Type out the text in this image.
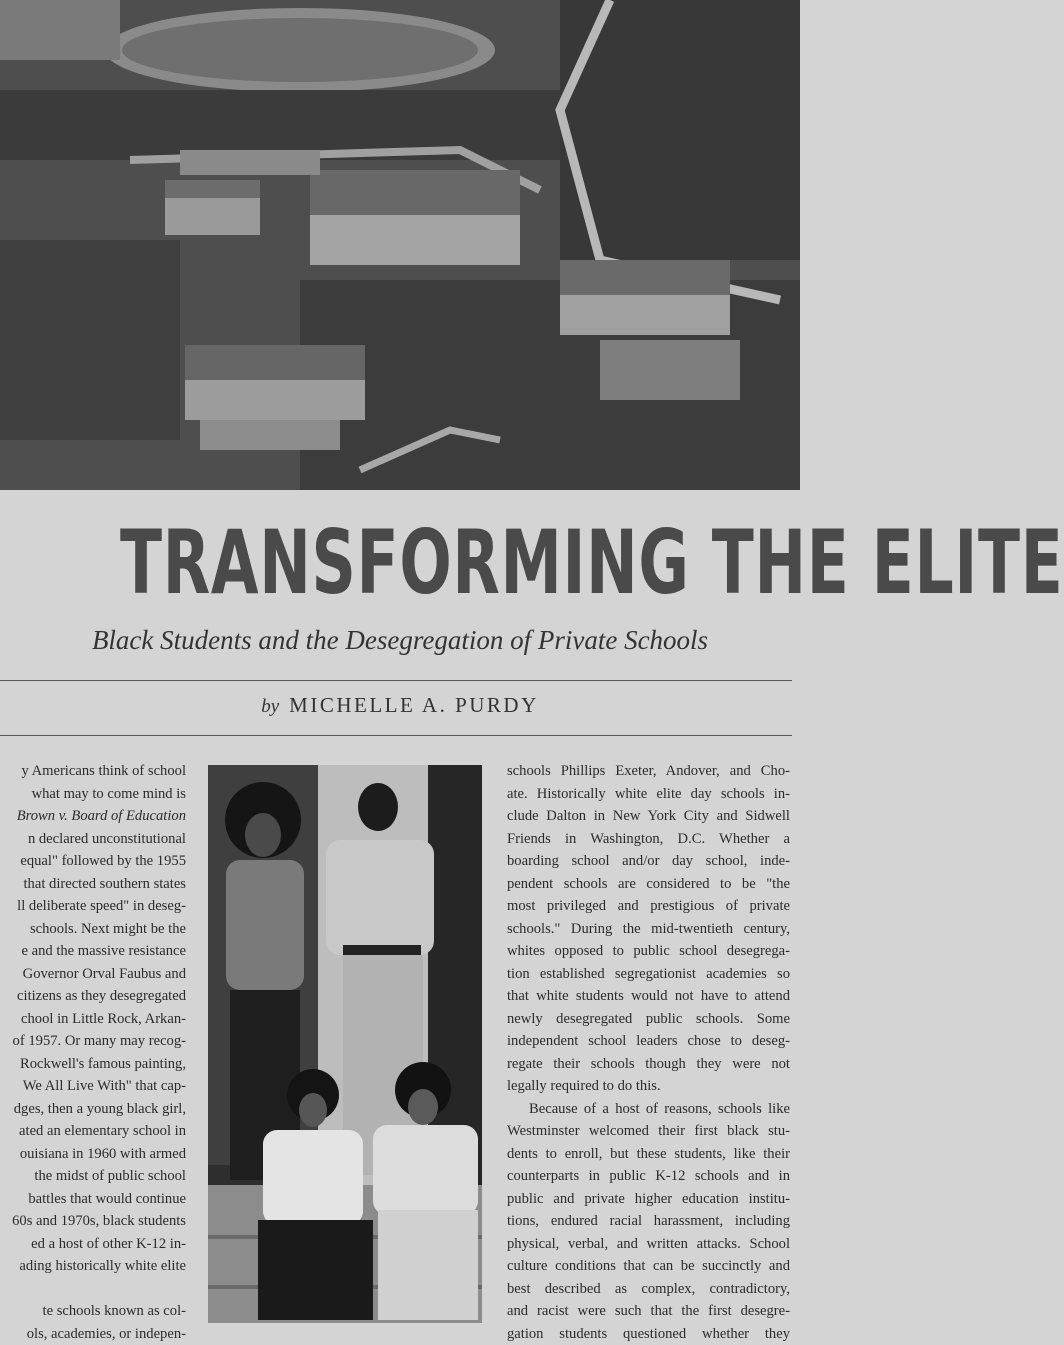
TRANSFORMING THE ELITE
Black Students and the Desegregation of Private Schools
by MICHELLE A. PURDY
y Americans think of school
what may to come mind is
Brown v. Board of Education
n declared unconstitutional
equal" followed by the 1955
that directed southern states
ll deliberate speed" in deseg-
schools. Next might be the
e and the massive resistance
Governor Orval Faubus and
citizens as they desegregated
chool in Little Rock, Arkan-
of 1957. Or many may recog-
Rockwell's famous painting,
We All Live With" that cap-
dges, then a young black girl,
ated an elementary school in
ouisiana in 1960 with armed
the midst of public school
battles that would continue
60s and 1970s, black students
ed a host of other K-12 in-
ading historically white elite

te schools known as col-
ols, academies, or indepen-
schools Phillips Exeter, Andover, and Cho-
ate. Historically white elite day schools in-
clude Dalton in New York City and Sidwell
Friends in Washington, D.C. Whether a
boarding school and/or day school, inde-
pendent schools are considered to be "the
most privileged and prestigious of private
schools." During the mid-twentieth century,
whites opposed to public school desegrega-
tion established segregationist academies so
that white students would not have to attend
newly desegregated public schools. Some
independent school leaders chose to deseg-
regate their schools though they were not
legally required to do this.
Because of a host of reasons, schools like
Westminster welcomed their first black stu-
dents to enroll, but these students, like their
counterparts in public K-12 schools and in
public and private higher education institu-
tions, endured racial harassment, including
physical, verbal, and written attacks. School
culture conditions that can be succinctly and
best described as complex, contradictory,
and racist were such that the first desegre-
gation students questioned whether they
